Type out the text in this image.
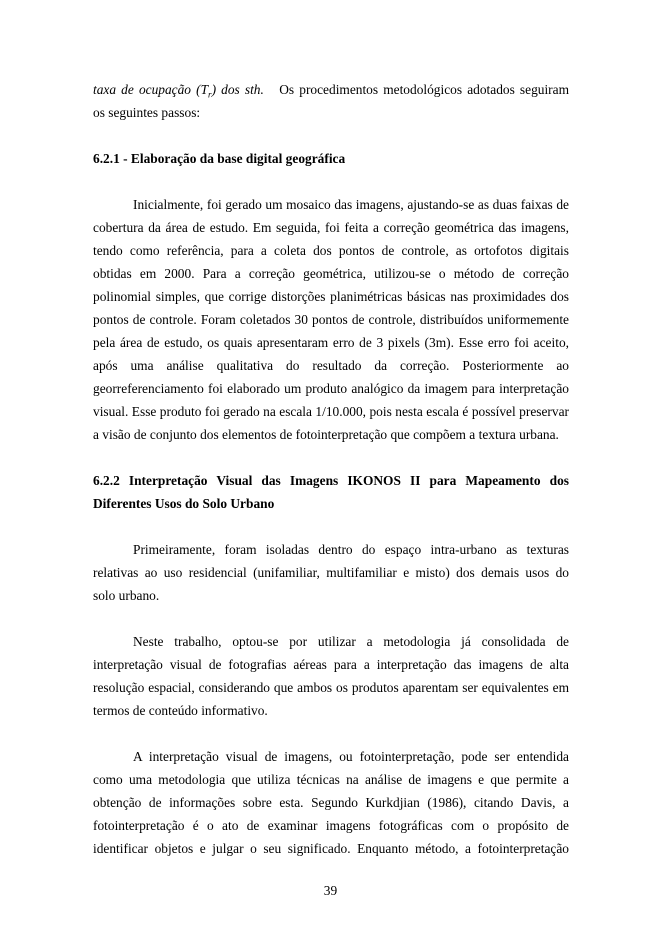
taxa de ocupação $(T_r)$ dos sth. Os procedimentos metodológicos adotados seguiram
os seguintes passos:
6.2.1 - Elaboração da base digital geográfica
Inicialmente, foi gerado um mosaico das imagens, ajustando-se as duas faixas de
cobertura da área de estudo. Em seguida, foi feita a correção geométrica das imagens,
tendo como referência, para a coleta dos pontos de controle, as ortofotos digitais
obtidas em 2000. Para a correção geométrica, utilizou-se o método de correção
polinomial simples, que corrige distorções planimétricas básicas nas proximidades dos
pontos de controle. Foram coletados 30 pontos de controle, distribuídos uniformemente
pela área de estudo, os quais apresentaram erro de 3 pixels (3m). Esse erro foi aceito,
após uma análise qualitativa do resultado da correção. Posteriormente ao
georreferenciamento foi elaborado um produto analógico da imagem para interpretação
visual. Esse produto foi gerado na escala 1/10.000, pois nesta escala é possível preservar
a visão de conjunto dos elementos de fotointerpretação que compõem a textura urbana.
6.2.2 Interpretação Visual das Imagens IKONOS II para Mapeamento dos
Diferentes Usos do Solo Urbano
Primeiramente, foram isoladas dentro do espaço intra-urbano as texturas
relativas ao uso residencial (unifamiliar, multifamiliar e misto) dos demais usos do
solo urbano.
Neste trabalho, optou-se por utilizar a metodologia já consolidada de
interpretação visual de fotografias aéreas para a interpretação das imagens de alta
resolução espacial, considerando que ambos os produtos aparentam ser equivalentes em
termos de conteúdo informativo.
A interpretação visual de imagens, ou fotointerpretação, pode ser entendida
como uma metodologia que utiliza técnicas na análise de imagens e que permite a
obtenção de informações sobre esta. Segundo Kurkdjian (1986), citando Davis, a
fotointerpretação é o ato de examinar imagens fotográficas com o propósito de
identificar objetos e julgar o seu significado. Enquanto método, a fotointerpretação
39
